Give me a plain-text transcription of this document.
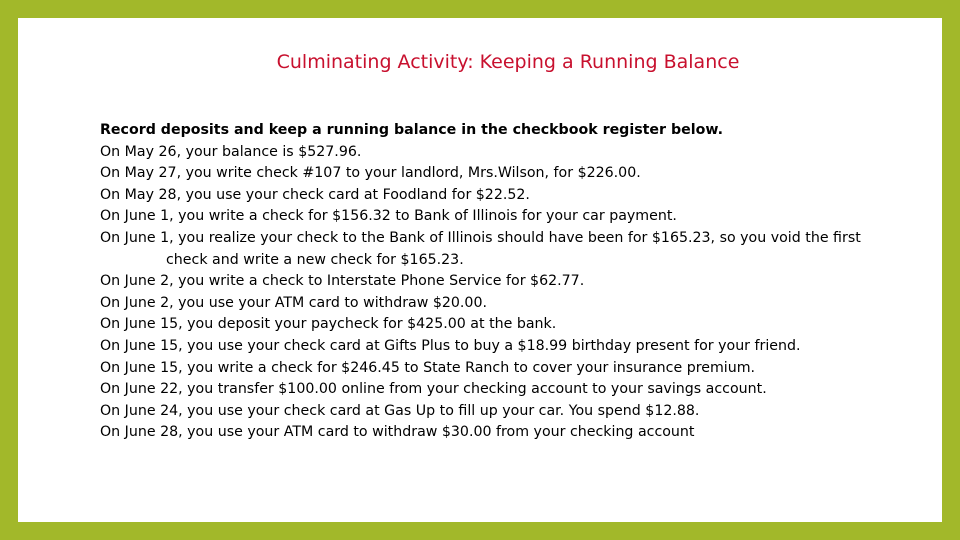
Culminating Activity: Keeping a Running Balance
Record deposits and keep a running balance in the checkbook register below.
On May 26, your balance is $527.96.
On May 27, you write check #107 to your landlord, Mrs.Wilson, for $226.00.
On May 28, you use your check card at Foodland for $22.52.
On June 1, you write a check for $156.32 to Bank of Illinois for your car payment.
On June 1, you realize your check to the Bank of Illinois should have been for $165.23, so you void the first
check and write a new check for $165.23.
On June 2, you write a check to Interstate Phone Service for $62.77.
On June 2, you use your ATM card to withdraw $20.00.
On June 15, you deposit your paycheck for $425.00 at the bank.
On June 15, you use your check card at Gifts Plus to buy a $18.99 birthday present for your friend.
On June 15, you write a check for $246.45 to State Ranch to cover your insurance premium.
On June 22, you transfer $100.00 online from your checking account to your savings account.
On June 24, you use your check card at Gas Up to fill up your car. You spend $12.88.
On June 28, you use your ATM card to withdraw $30.00 from your checking account
